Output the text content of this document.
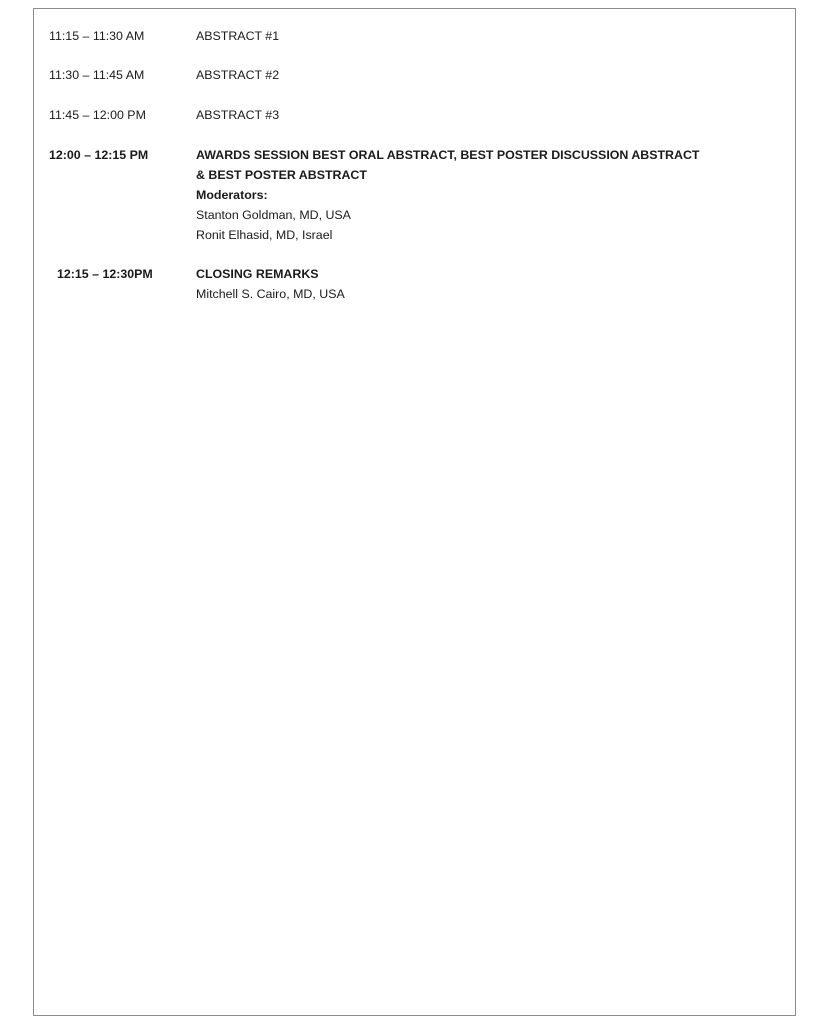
11:15 – 11:30 AM	ABSTRACT #1
11:30 – 11:45 AM	ABSTRACT #2
11:45 – 12:00 PM	ABSTRACT #3
12:00 – 12:15 PM	AWARDS SESSION BEST ORAL ABSTRACT, BEST POSTER DISCUSSION ABSTRACT
& BEST POSTER ABSTRACT
Moderators:
Stanton Goldman, MD, USA
Ronit Elhasid, MD, Israel
12:15 – 12:30PM	CLOSING REMARKS
Mitchell S. Cairo, MD, USA
